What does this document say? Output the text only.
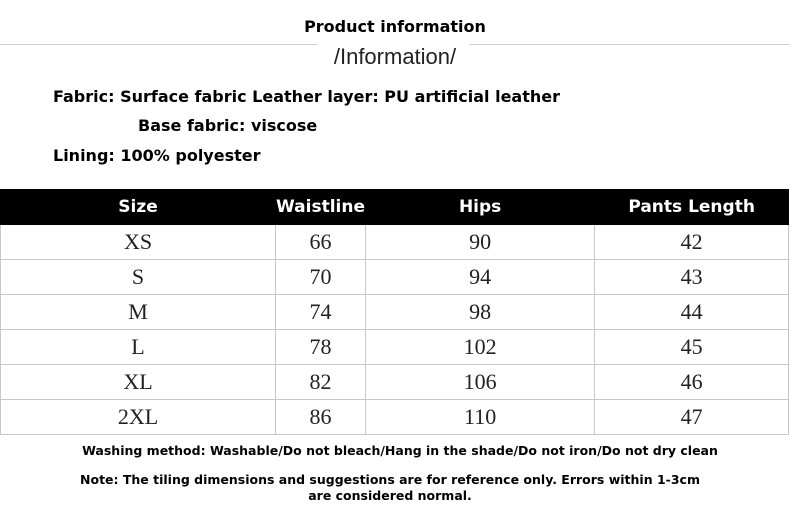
Product information
/Information/
Fabric: Surface fabric Leather layer: PU artificial leather
Base fabric: viscose
Lining: 100% polyester
Size	Waistline	Hips	Pants Length
XS	66	90	42
S	70	94	43
M	74	98	44
L	78	102	45
XL	82	106	46
2XL	86	110	47
Washing method: Washable/Do not bleach/Hang in the shade/Do not iron/Do not dry clean
Note: The tiling dimensions and suggestions are for reference only. Errors within 1-3cm
are considered normal.
